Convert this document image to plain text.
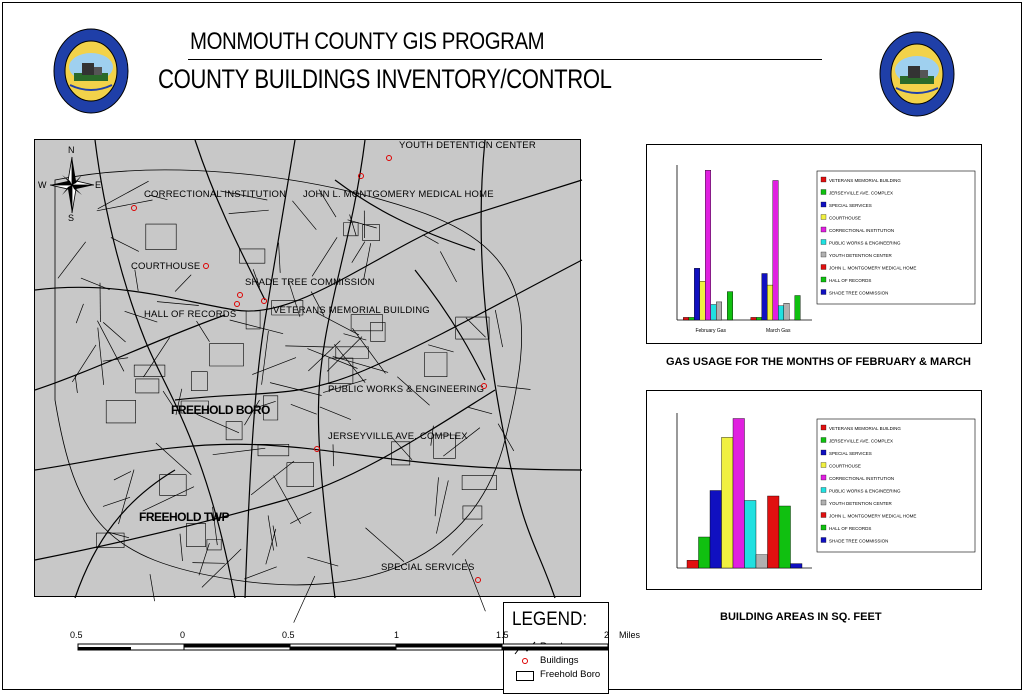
MONMOUTH COUNTY GIS PROGRAM
COUNTY BUILDINGS INVENTORY/CONTROL
YOUTH DETENTION CENTER
CORRECTIONAL INSTITUTION JOHN L. MONTGOMERY MEDICAL HOME
COURTHOUSE
SHADE TREE COMMISSION
HALL OF RECORDS	VETERANS MEMORIAL BUILDING
PUBLIC WORKS & ENGINEERING
JERSEYVILLE AVE. COMPLEX
SPECIAL SERVICES
FREEHOLD BORO
FREEHOLD TWP
LEGEND:
Buildings
Freehold Boro
N
S
W	E
0.5	0	0.5	1	1.5	2 Miles
February Gas	March Gas
VETERANS MEMORIAL BUILDING
JERSEYVILLE AVE. COMPLEX
SPECIAL SERVICES
COURTHOUSE
CORRECTIONAL INSTITUTION
PUBLIC WORKS & ENGINEERING
YOUTH DETENTION CENTER
JOHN L. MONTGOMERY MEDICAL HOME
HALL OF RECORDS
SHADE TREE COMMISSION
GAS USAGE FOR THE MONTHS OF FEBRUARY & MARCH
VETERANS MEMORIAL BUILDING
JERSEYVILLE AVE. COMPLEX
SPECIAL SERVICES
COURTHOUSE
CORRECTIONAL INSTITUTION
PUBLIC WORKS & ENGINEERING
YOUTH DETENTION CENTER
JOHN L. MONTGOMERY MEDICAL HOME
HALL OF RECORDS
SHADE TREE COMMISSION
BUILDING AREAS IN SQ. FEET
